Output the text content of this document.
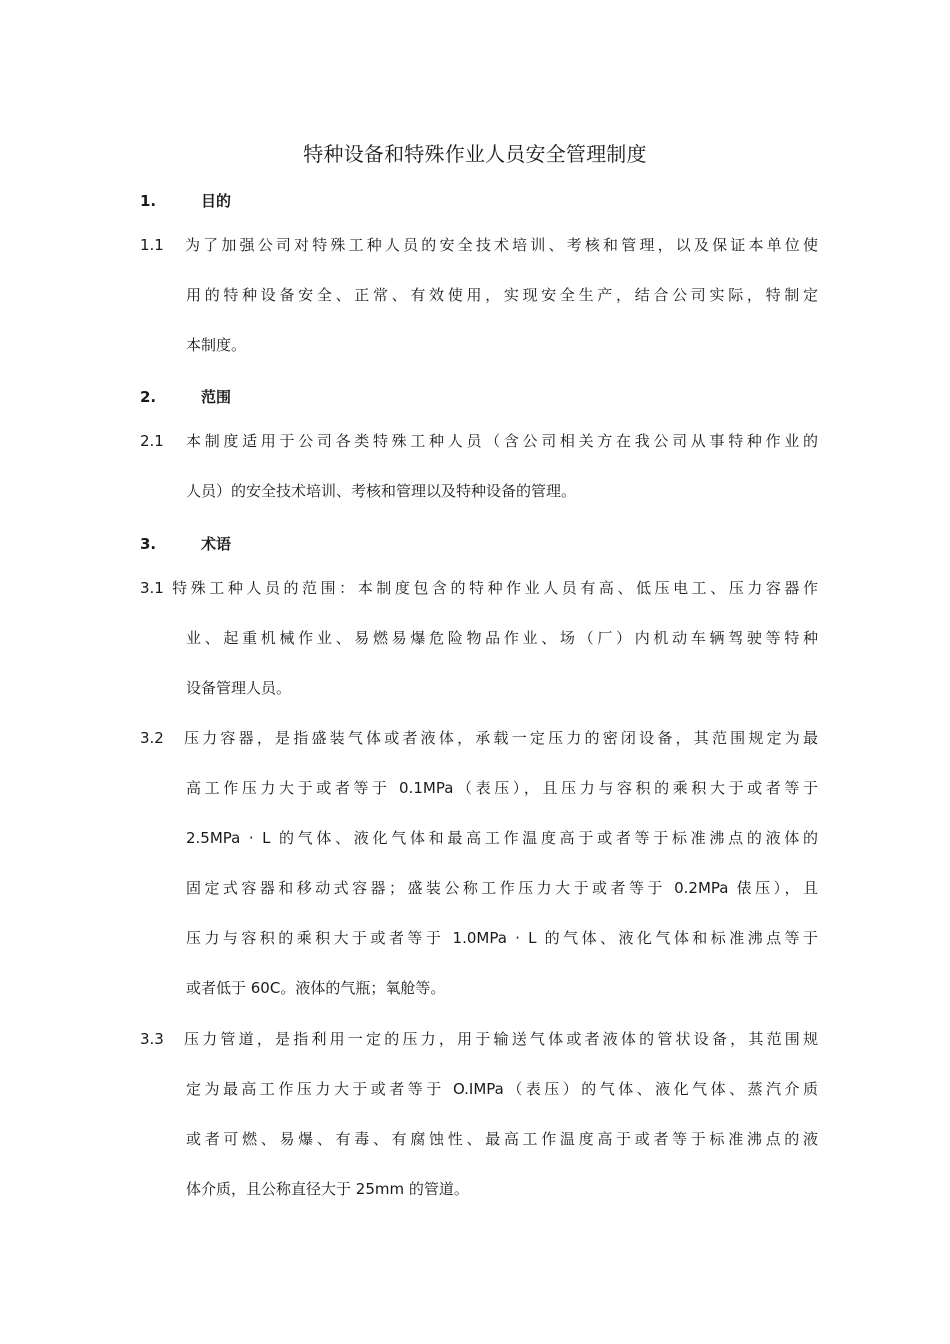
特种设备和特殊作业人员安全管理制度
1.	目的
1.1 为了加强公司对特殊工种人员的安全技术培训、考核和管理，以及保证本单位使
用的特种设备安全、正常、有效使用，实现安全生产，结合公司实际，特制定
本制度。
2.	范围
2.1 本制度适用于公司各类特殊工种人员（含公司相关方在我公司从事特种作业的
人员）的安全技术培训、考核和管理以及特种设备的管理。
3.	术语
3.1 特殊工种人员的范围：本制度包含的特种作业人员有高、低压电工、压力容器作
业、起重机械作业、易燃易爆危险物品作业、场（厂）内机动车辆驾驶等特种
设备管理人员。
3.2 压力容器，是指盛装气体或者液体，承载一定压力的密闭设备，其范围规定为最
高工作压力大于或者等于 0.1MPa（表压），且压力与容积的乘积大于或者等于
2.5MPa · L 的气体、液化气体和最高工作温度高于或者等于标准沸点的液体的
固定式容器和移动式容器；盛装公称工作压力大于或者等于 0.2MPa 俵压），且
压力与容积的乘积大于或者等于 1.0MPa · L 的气体、液化气体和标准沸点等于
或者低于 60C。液体的气瓶；氧舱等。
3.3 压力管道，是指利用一定的压力，用于输送气体或者液体的管状设备，其范围规
定为最高工作压力大于或者等于 O.IMPa（表压）的气体、液化气体、蒸汽介质
或者可燃、易爆、有毒、有腐蚀性、最高工作温度高于或者等于标准沸点的液
体介质，且公称直径大于 25mm 的管道。
